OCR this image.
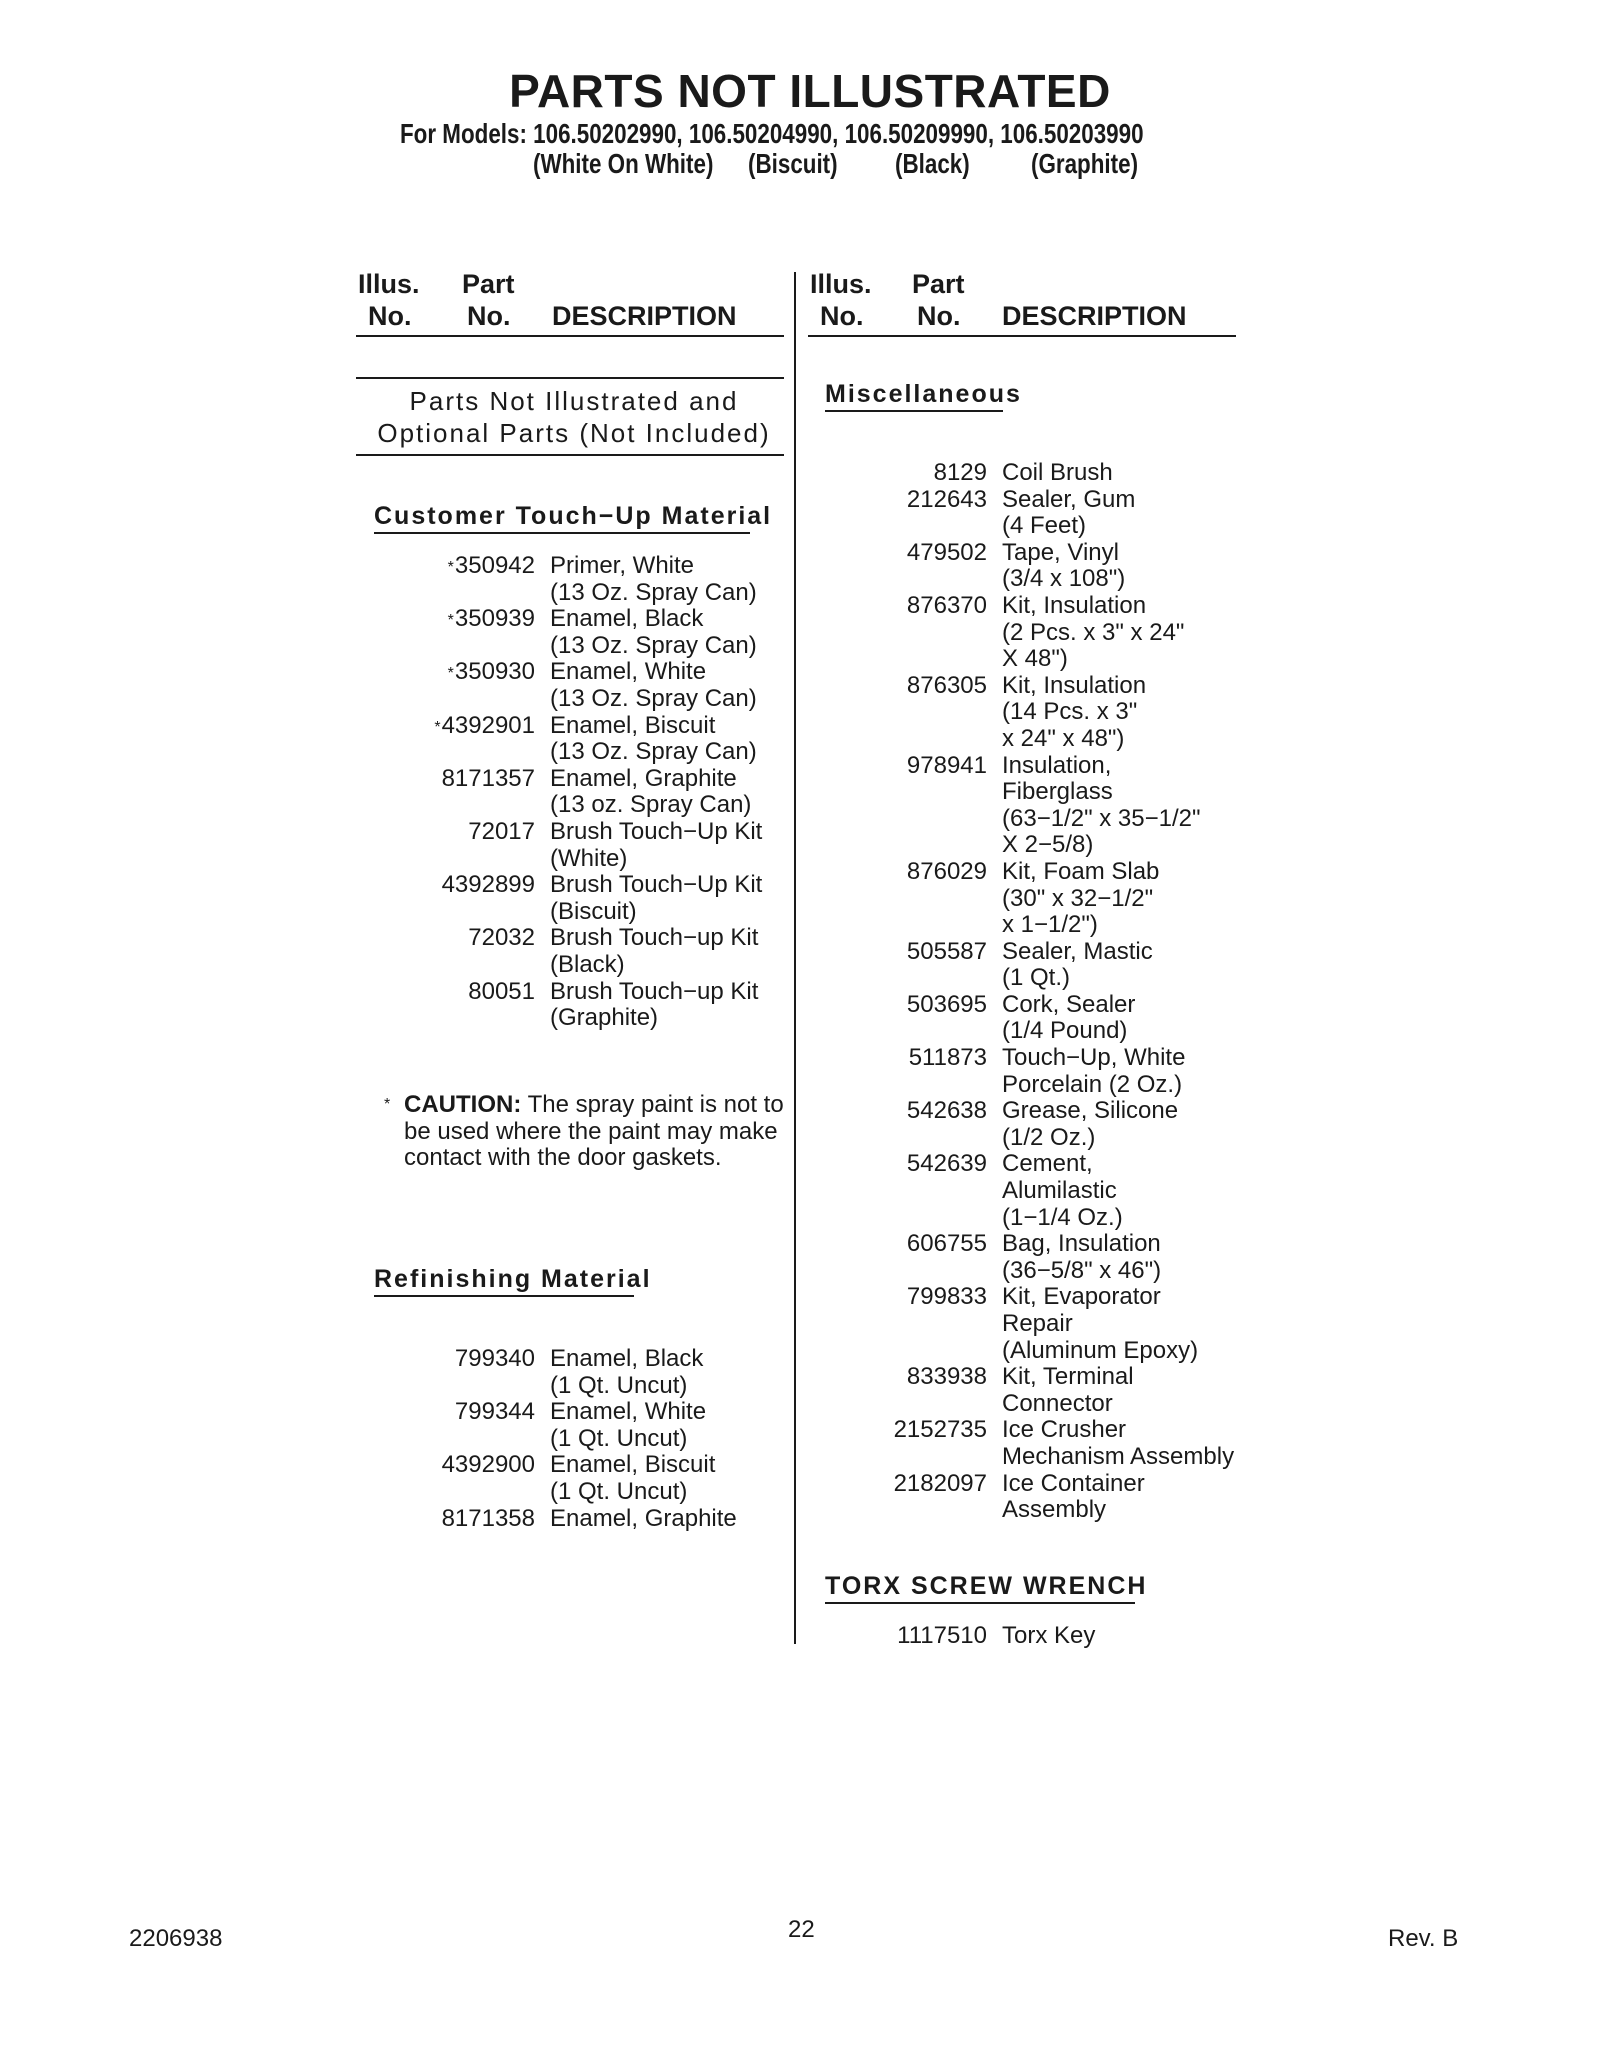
PARTS NOT ILLUSTRATED
For Models: 106.50202990, 106.50204990, 106.50209990, 106.50203990
(White On White) (Biscuit) (Black) (Graphite)
Illus.
No.
Part
No. DESCRIPTION
Illus.
No.
Part
No. DESCRIPTION
Parts Not Illustrated and
Optional Parts (Not Included)
Customer Touch−Up Material
*350942 Primer, White
(13 Oz. Spray Can)
*350939 Enamel, Black
(13 Oz. Spray Can)
*350930 Enamel, White
(13 Oz. Spray Can)
*4392901 Enamel, Biscuit
(13 Oz. Spray Can)
8171357 Enamel, Graphite
(13 oz. Spray Can)
72017 Brush Touch−Up Kit
(White)
4392899 Brush Touch−Up Kit
(Biscuit)
72032 Brush Touch−up Kit
(Black)
80051 Brush Touch−up Kit
(Graphite)
* CAUTION: The spray paint is not to be used where the paint may make contact with the door gaskets.
Refinishing Material
799340 Enamel, Black
(1 Qt. Uncut)
799344 Enamel, White
(1 Qt. Uncut)
4392900 Enamel, Biscuit
(1 Qt. Uncut)
8171358 Enamel, Graphite
Miscellaneous
8129 Coil Brush
212643 Sealer, Gum
(4 Feet)
479502 Tape, Vinyl
(3/4 x 108")
876370 Kit, Insulation
(2 Pcs. x 3" x 24"
X 48")
876305 Kit, Insulation
(14 Pcs. x 3"
x 24" x 48")
978941 Insulation,
Fiberglass
(63−1/2" x 35−1/2"
X 2−5/8)
876029 Kit, Foam Slab
(30" x 32−1/2"
x 1−1/2")
505587 Sealer, Mastic
(1 Qt.)
503695 Cork, Sealer
(1/4 Pound)
511873 Touch−Up, White
Porcelain (2 Oz.)
542638 Grease, Silicone
(1/2 Oz.)
542639 Cement,
Alumilastic
(1−1/4 Oz.)
606755 Bag, Insulation
(36−5/8" x 46")
799833 Kit, Evaporator
Repair
(Aluminum Epoxy)
833938 Kit, Terminal
Connector
2152735 Ice Crusher
Mechanism Assembly
2182097 Ice Container
Assembly
TORX SCREW WRENCH
1117510 Torx Key
2206938	22	Rev. B
